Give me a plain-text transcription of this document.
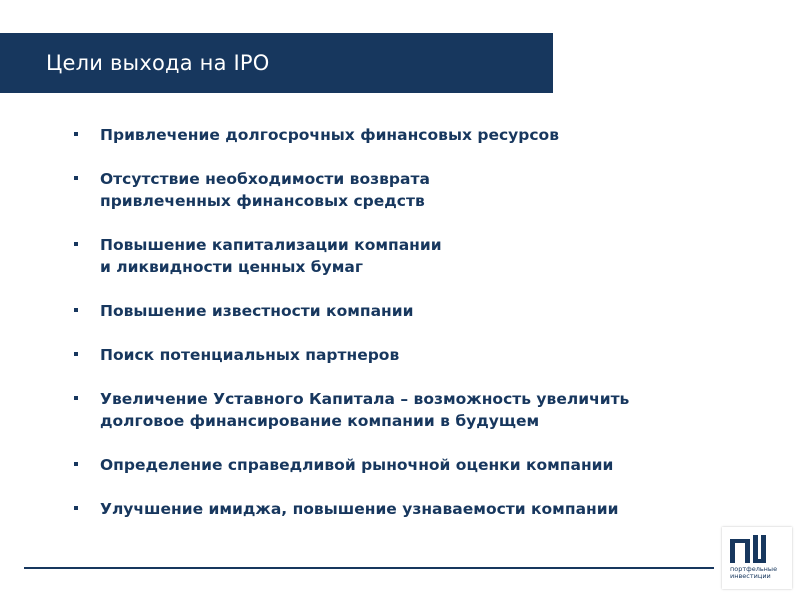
Цели выхода на IPO
Привлечение долгосрочных финансовых ресурсов
Отсутствие необходимости возврата
привлеченных финансовых средств
Повышение капитализации компании
и ликвидности ценных бумаг
Повышение известности компании
Поиск потенциальных партнеров
Увеличение Уставного Капитала – возможность увеличить
долговое финансирование компании в будущем
Определение справедливой рыночной оценки компании
Улучшение имиджа, повышение узнаваемости компании
портфельные
инвестиции
